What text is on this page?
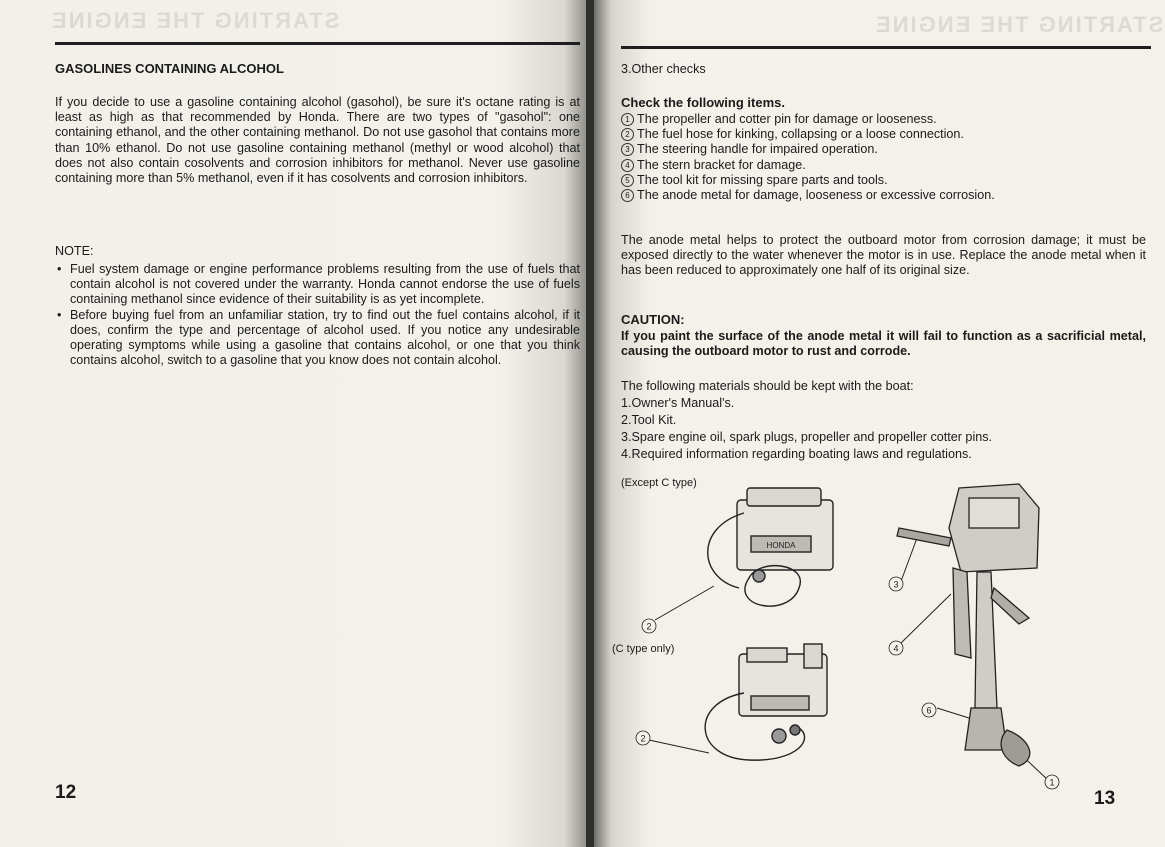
STARTING THE ENGINE
GASOLINES CONTAINING ALCOHOL
If you decide to use a gasoline containing alcohol (gasohol), be sure it's octane rating is at least as high as that recommended by Honda. There are two types of "gasohol": one containing ethanol, and the other containing methanol. Do not use gasohol that contains more than 10% ethanol. Do not use gasoline containing methanol (methyl or wood alcohol) that does not also contain cosolvents and corrosion inhibitors for methanol. Never use gasoline containing more than 5% methanol, even if it has cosolvents and corrosion inhibitors.
NOTE:
• Fuel system damage or engine performance problems resulting from the use of fuels that contain alcohol is not covered under the warranty. Honda cannot endorse the use of fuels containing methanol since evidence of their suitability is as yet incomplete.
• Before buying fuel from an unfamiliar station, try to find out the fuel contains alcohol, if it does, confirm the type and percentage of alcohol used. If you notice any undesirable operating symptoms while using a gasoline that contains alcohol, or one that you think contains alcohol, switch to a gasoline that you know does not contain alcohol.
12
STARTING THE ENGINE
3.Other checks
Check the following items.
1 The propeller and cotter pin for damage or looseness.
2 The fuel hose for kinking, collapsing or a loose connection.
3 The steering handle for impaired operation.
4 The stern bracket for damage.
5 The tool kit for missing spare parts and tools.
6 The anode metal for damage, looseness or excessive corrosion.
The anode metal helps to protect the outboard motor from corrosion damage; it must be exposed directly to the water whenever the motor is in use. Replace the anode metal when it has been reduced to approximately one half of its original size.
CAUTION:
If you paint the surface of the anode metal it will fail to function as a sacrificial metal, causing the outboard motor to rust and corrode.
The following materials should be kept with the boat:
1.Owner's Manual's.
2.Tool Kit.
3.Spare engine oil, spark plugs, propeller and propeller cotter pins.
4.Required information regarding boating laws and regulations.
(Except C type)
(C type only)
HONDA
2
2
3
4
6
1
13
